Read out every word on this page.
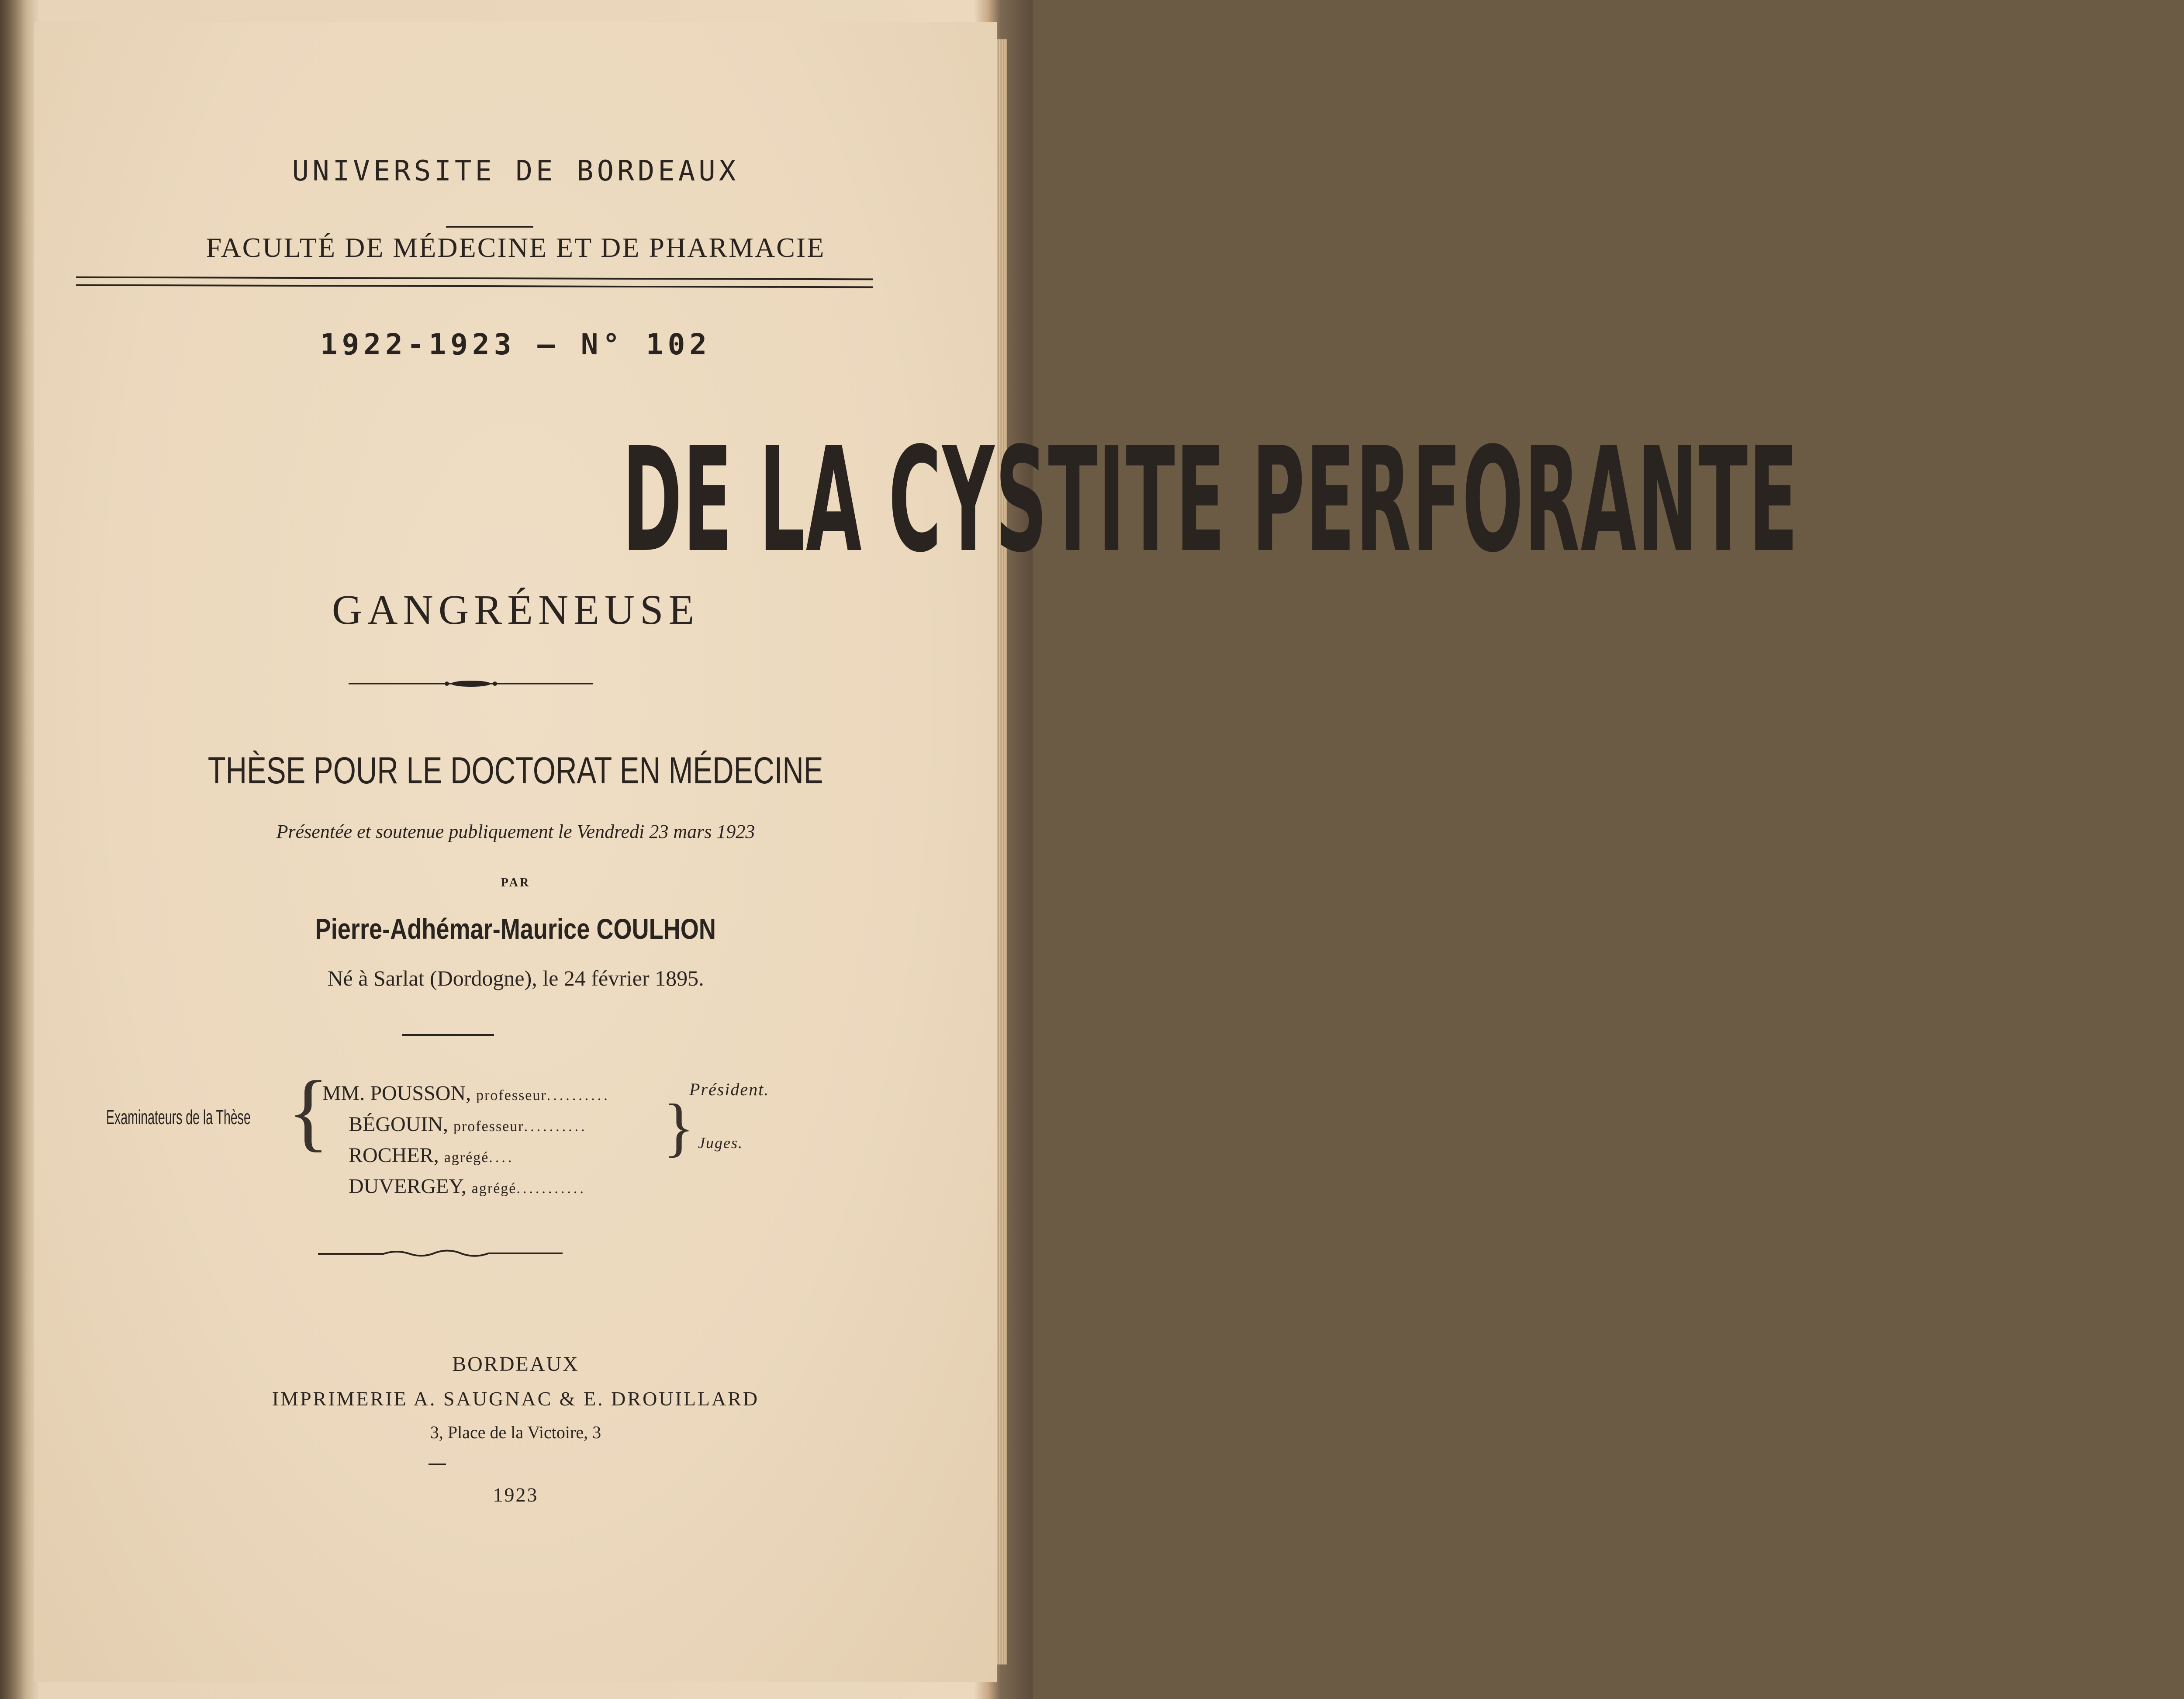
UNIVERSITE DE BORDEAUX
FACULTÉ DE MÉDECINE ET DE PHARMACIE
1922-1923 — N° 102
DE LA CYSTITE PERFORANTE
GANGRÉNEUSE
THÈSE POUR LE DOCTORAT EN MÉDECINE
Présentée et soutenue publiquement le Vendredi 23 mars 1923
PAR
Pierre-Adhémar-Maurice COULHON
Né à Sarlat (Dordogne), le 24 février 1895.
Examinateurs de la Thèse {
MM. POUSSON, professeur..........
BÉGOUIN, professeur..........
ROCHER, agrégé....
DUVERGEY, agrégé...........
Président.
} Juges.
BORDEAUX
IMPRIMERIE A. SAUGNAC & E. DROUILLARD
3, Place de la Victoire, 3
1923
